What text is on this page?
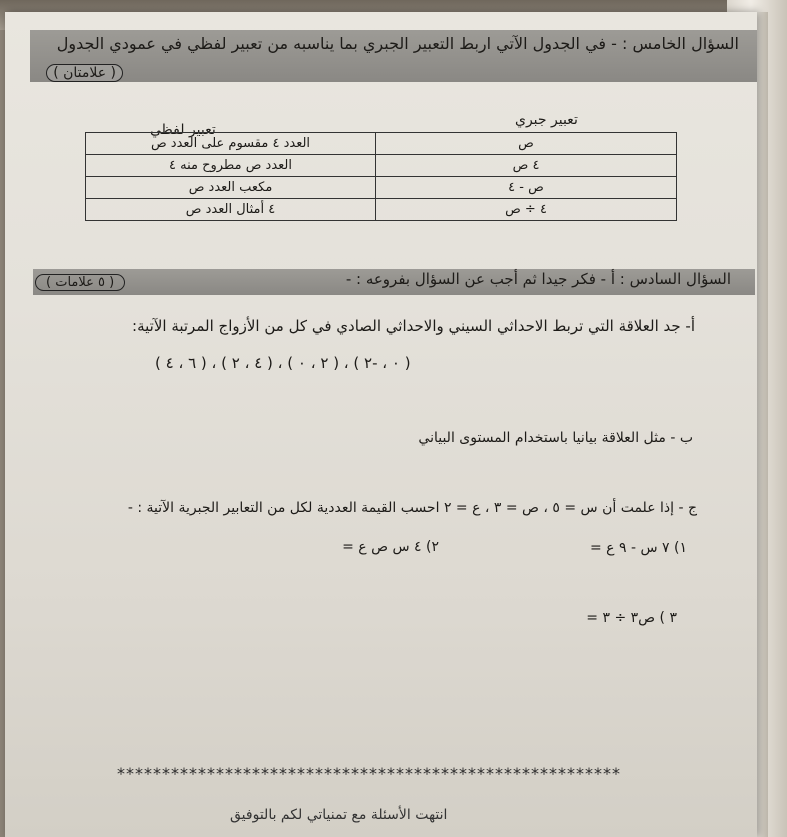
السؤال الخامس : - في الجدول الآتي اربط التعبير الجبري بما يناسبه من تعبير لفظي في عمودي الجدول
( علامتان )
تعبير جبري
تعبير لفظي
ص	العدد ٤ مقسوم على العدد ص
٤ ص	العدد ص مطروح منه ٤
ص - ٤	مكعب العدد ص
٤ ÷ ص	٤ أمثال العدد ص
السؤال السادس : أ - فكر جيدا ثم أجب عن السؤال بفروعه : -
( ٥ علامات )
أ- جد العلاقة التي تربط الاحداثي السيني والاحداثي الصادي في كل من الأزواج المرتبة الآتية:
( ٦ ، ٤ ) ، ( ٤ ، ٢ ) ، ( ٢ ، ٠ ) ، ( ٠ ، -٢ )
ب - مثل العلاقة بيانيا باستخدام المستوى البياني
ج - إذا علمت أن س = ٥ ، ص = ٣ ، ع = ٢ احسب القيمة العددية لكل من التعابير الجبرية الآتية : -
١) ٧ س - ٩ ع =
٢) ٤ س ص ع =
٣ ) ص٣ ÷ ٣ =
********************************************************
انتهت الأسئلة مع تمنياتي لكم بالتوفيق
